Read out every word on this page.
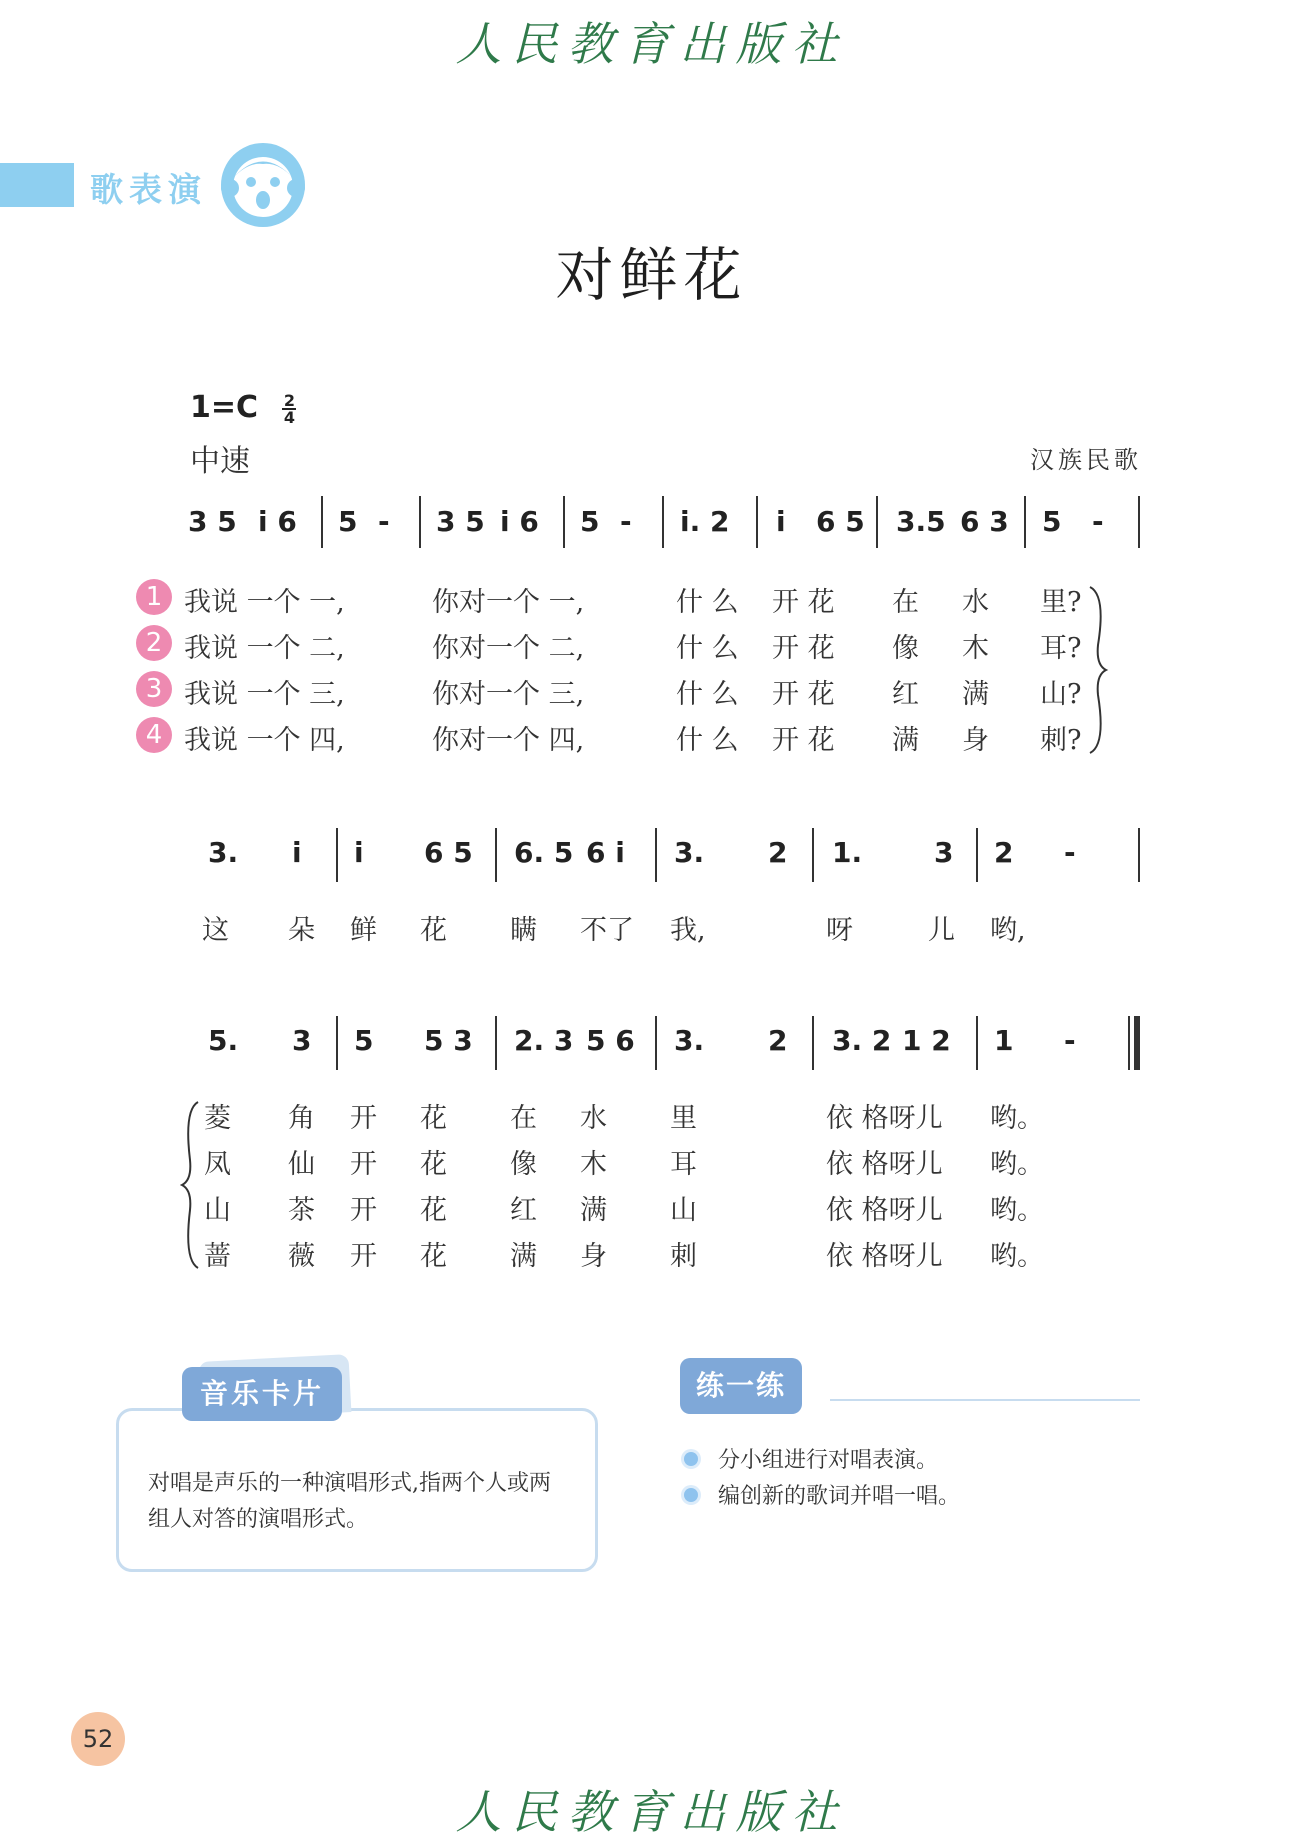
人民教育出版社
歌表演
对鲜花
$1=C \frac{2}{4}$
中速	汉族民歌
3 5 i 6 5 - 3 5 i 6 5 - i. 2 i 6 5 3.5 6 3 5 -
1 我说 一个 一,	你对一个 一,	什 么 开 花 在 水 里?
2 我说 一个 二,	你对一个 二,	什 么 开 花 像 木 耳?
3 我说 一个 三,	你对一个 三,	什 么 开 花 红 满 山?
4 我说 一个 四,	你对一个 四,	什 么 开 花 满 身 刺?
3. i i 6 5 6. 5 6 i 3. 2 1.	3 2 -
这 朵 鲜 花 瞒 不了 我,	呀	儿 哟,
5. 3 5 5 3 2. 3 5 6 3. 2 3. 2 1 2 1 -
菱 角 开 花 在 水 里	依 格呀儿 哟。
凤 仙 开 花 像 木 耳	依 格呀儿 哟。
山 茶 开 花 红 满 山	依 格呀儿 哟。
蔷 薇 开 花 满 身 刺	依 格呀儿 哟。
音乐卡片
对唱是声乐的一种演唱形式,指两个人或两组人对答的演唱形式。
练一练
分小组进行对唱表演。
编创新的歌词并唱一唱。
52
人民教育出版社
